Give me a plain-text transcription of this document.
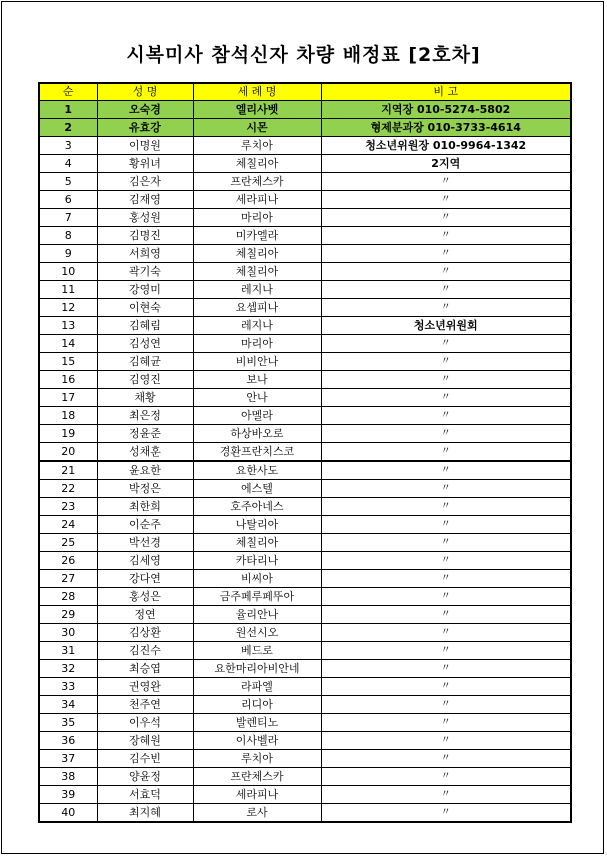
시복미사 참석신자 차량 배정표 [2호차]
순	성 명	세 례 명	비 고
1	오숙경	엘리사벳	지역장 010-5274-5802
2	유효강	시몬	형제분과장 010-3733-4614
3	이명원	루치아	청소년위원장 010-9964-1342
4	황위녀	체칠리아	2지역
5	김은자	프란체스카	〃
6	김재영	세라피나	〃
7	홍성원	마리아	〃
8	김명진	미카엘라	〃
9	서희영	체칠리아	〃
10	곽기숙	체칠리아	〃
11	강영미	레지나	〃
12	이현숙	요셉피나	〃
13	김혜림	레지나	청소년위원회
14	김성연	마리아	〃
15	김혜균	비비안나	〃
16	김영진	보나	〃
17	채황	안나	〃
18	최은정	아멜라	〃
19	정윤준	하상바오로	〃
20	성채훈	경환프란치스코	〃
21	윤요한	요한사도	〃
22	박정은	에스텔	〃
23	최한희	호주아네스	〃
24	이순주	나탈리아	〃
25	박선경	체칠리아	〃
26	김세영	카타리나	〃
27	강다연	비씨아	〃
28	홍성은	금주페루페뚜아	〃
29	정연	율리안나	〃
30	김상환	원선시오	〃
31	김진수	베드로	〃
32	최승엽	요한마리아비안네	〃
33	권영완	라파엘	〃
34	천주연	리디아	〃
35	이우석	발렌티노	〃
36	장혜원	이사벨라	〃
37	김수빈	루치아	〃
38	양윤정	프란체스카	〃
39	서효덕	세라피나	〃
40	최지혜	로사	〃
